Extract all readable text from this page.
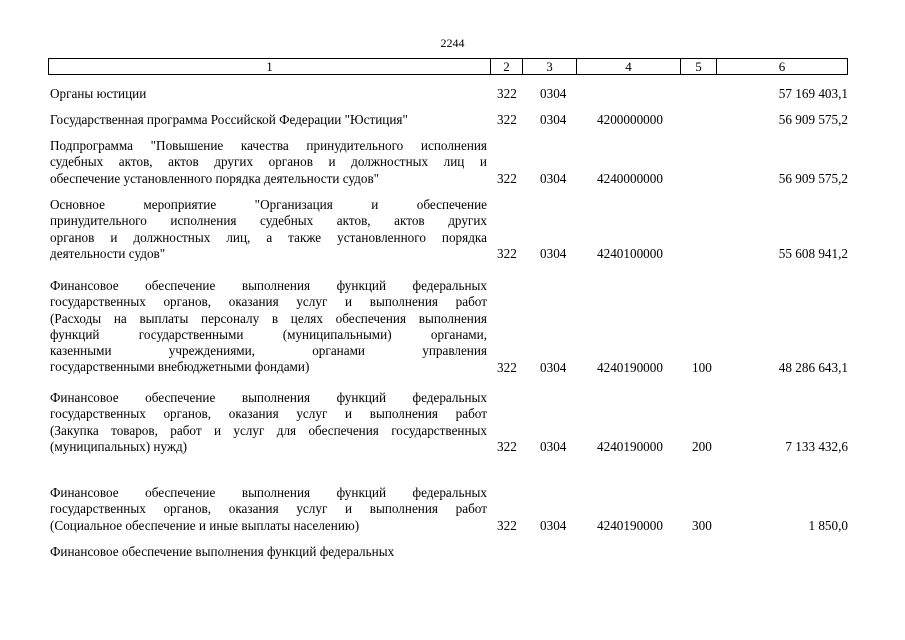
2244
1	2	3	4	5	6

Органы юстиции	322 0304	57 169 403,1

Государственная программа Российской Федерации "Юстиция"	322 0304 4200000000	56 909 575,2

Подпрограмма "Повышение качества принудительного исполнения

судебных актов, актов других органов и должностных лиц и

обеспечение установленного порядка деятельности судов"	322 0304 4240000000	56 909 575,2

Основное мероприятие "Организация и обеспечение

принудительного исполнения судебных актов, актов других

органов и должностных лиц, а также установленного порядка

деятельности судов"	322 0304 4240100000	55 608 941,2

Финансовое обеспечение выполнения функций федеральных

государственных органов, оказания услуг и выполнения работ

(Расходы на выплаты персоналу в целях обеспечения выполнения

функций государственными (муниципальными) органами,

казенными учреждениями, органами управления

государственными внебюджетными фондами)	322 0304 4240190000 100	48 286 643,1

Финансовое обеспечение выполнения функций федеральных

государственных органов, оказания услуг и выполнения работ

(Закупка товаров, работ и услуг для обеспечения государственных

(муниципальных) нужд)	322 0304 4240190000 200	7 133 432,6

Финансовое обеспечение выполнения функций федеральных

государственных органов, оказания услуг и выполнения работ

(Социальное обеспечение и иные выплаты населению)	322 0304 4240190000 300	1 850,0

Финансовое обеспечение выполнения функций федеральных
